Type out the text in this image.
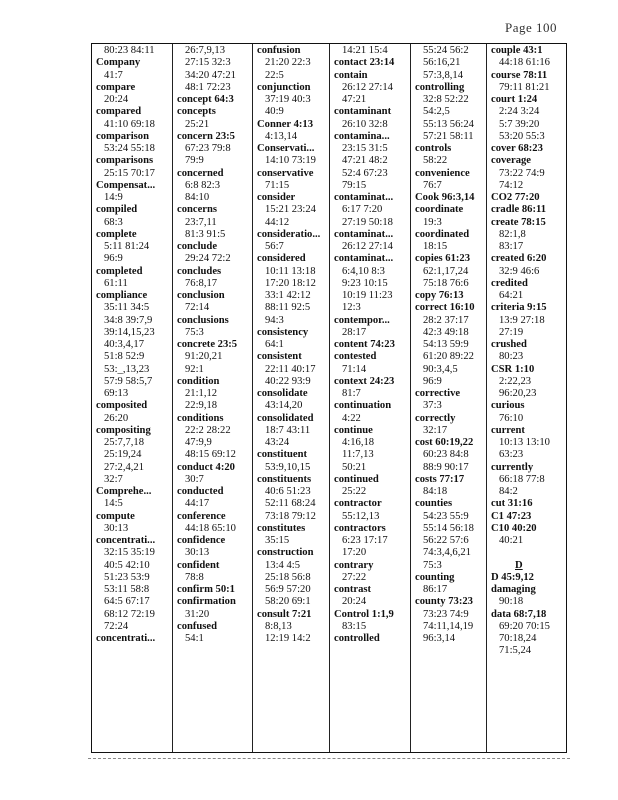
Page 100
80:23 84:11
Company
41:7
compare
20:24
compared
41:10 69:18
comparison
53:24 55:18
comparisons
25:15 70:17
Compensat...
14:9
compiled
68:3
complete
5:11 81:24
96:9
completed
61:11
compliance
35:11 34:5
34:8 39:7,9
39:14,15,23
40:3,4,17
51:8 52:9
53:_,13,23
57:9 58:5,7
69:13
composited
26:20
compositing
25:7,7,18
25:19,24
27:2,4,21
32:7
Comprehe...
14:5
compute
30:13
concentrati...
32:15 35:19
40:5 42:10
51:23 53:9
53:11 58:8
64:5 67:17
68:12 72:19
72:24
concentrati...
26:7,9,13
27:15 32:3
34:20 47:21
48:1 72:23
concept 64:3
concepts
25:21
concern 23:5
67:23 79:8
79:9
concerned
6:8 82:3
84:10
concerns
23:7,11
81:3 91:5
conclude
29:24 72:2
concludes
76:8,17
conclusion
72:14
conclusions
75:3
concrete 23:5
91:20,21
92:1
condition
21:1,12
22:9,18
conditions
22:2 28:22
47:9,9
48:15 69:12
conduct 4:20
30:7
conducted
44:17
conference
44:18 65:10
confidence
30:13
confident
78:8
confirm 50:1
confirmation
31:20
confused
54:1
confusion
21:20 22:3
22:5
conjunction
37:19 40:3
40:9
Conner 4:13
4:13,14
Conservati...
14:10 73:19
conservative
71:15
consider
15:21 23:24
44:12
consideratio...
56:7
considered
10:11 13:18
17:20 18:12
33:1 42:12
88:11 92:5
94:3
consistency
64:1
consistent
22:11 40:17
40:22 93:9
consolidate
43:14,20
consolidated
18:7 43:11
43:24
constituent
53:9,10,15
constituents
40:6 51:23
52:11 68:24
73:18 79:12
constitutes
35:15
construction
13:4 4:5
25:18 56:8
56:9 57:20
58:20 69:1
consult 7:21
8:8,13
12:19 14:2
14:21 15:4
contact 23:14
contain
26:12 27:14
47:21
contaminant
26:10 32:8
contamina...
23:15 31:5
47:21 48:2
52:4 67:23
79:15
contaminat...
6:17 7:20
27:19 50:18
contaminat...
26:12 27:14
contaminat...
6:4,10 8:3
9:23 10:15
10:19 11:23
12:3
contempor...
28:17
content 74:23
contested
71:14
context 24:23
81:7
continuation
4:22
continue
4:16,18
11:7,13
50:21
continued
25:22
contractor
55:12,13
contractors
6:23 17:17
17:20
contrary
27:22
contrast
20:24
Control 1:1,9
83:15
controlled
55:24 56:2
56:16,21
57:3,8,14
controlling
32:8 52:22
54:2,5
55:13 56:24
57:21 58:11
controls
58:22
convenience
76:7
Cook 96:3,14
coordinate
19:3
coordinated
18:15
copies 61:23
62:1,17,24
75:18 76:6
copy 76:13
correct 16:10
28:2 37:17
42:3 49:18
54:13 59:9
61:20 89:22
90:3,4,5
96:9
corrective
37:3
correctly
32:17
cost 60:19,22
60:23 84:8
88:9 90:17
costs 77:17
84:18
counties
54:23 55:9
55:14 56:18
56:22 57:6
74:3,4,6,21
75:3
counting
86:17
county 73:23
73:23 74:9
74:11,14,19
96:3,14
couple 43:1
44:18 61:16
course 78:11
79:11 81:21
court 1:24
2:24 3:24
5:7 39:20
53:20 55:3
cover 68:23
coverage
73:22 74:9
74:12
CO2 77:20
cradle 86:11
create 78:15
82:1,8
83:17
created 6:20
32:9 46:6
credited
64:21
criteria 9:15
13:9 27:18
27:19
crushed
80:23
CSR 1:10
2:22,23
96:20,23
curious
76:10
current
10:13 13:10
63:23
currently
66:18 77:8
84:2
cut 31:16
C1 47:23
C10 40:20
40:21
D
D 45:9,12
damaging
90:18
data 68:7,18
69:20 70:15
70:18,24
71:5,24
